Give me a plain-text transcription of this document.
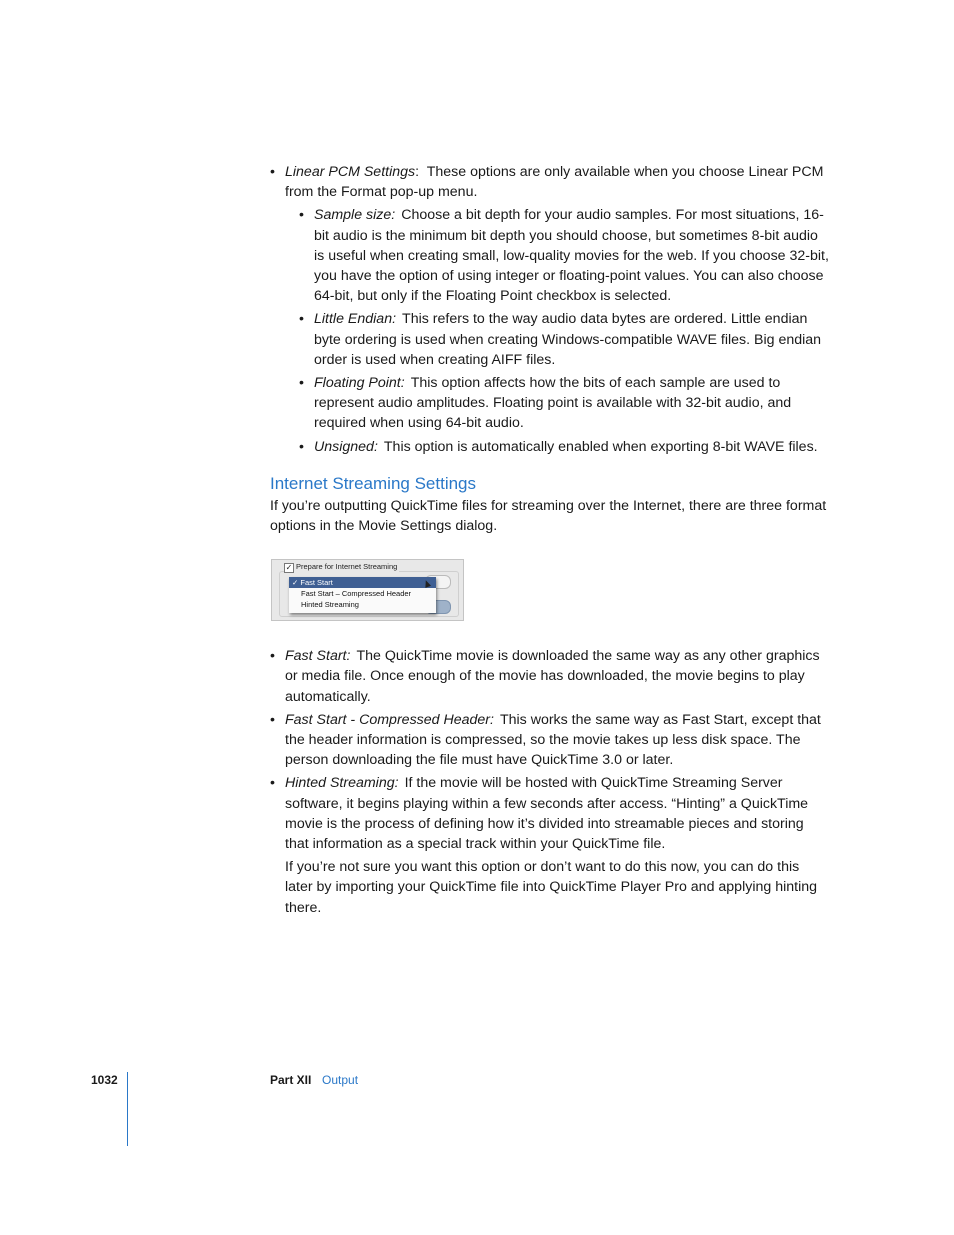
• Linear PCM Settings: These options are only available when you choose Linear PCM from the Format pop-up menu.
• Sample size: Choose a bit depth for your audio samples. For most situations, 16-bit audio is the minimum bit depth you should choose, but sometimes 8-bit audio is useful when creating small, low-quality movies for the web. If you choose 32-bit, you have the option of using integer or floating-point values. You can also choose 64-bit, but only if the Floating Point checkbox is selected.
• Little Endian: This refers to the way audio data bytes are ordered. Little endian byte ordering is used when creating Windows-compatible WAVE files. Big endian order is used when creating AIFF files.
• Floating Point: This option affects how the bits of each sample are used to represent audio amplitudes. Floating point is available with 32-bit audio, and required when using 64-bit audio.
• Unsigned: This option is automatically enabled when exporting 8-bit WAVE files.
Internet Streaming Settings

If you’re outputting QuickTime files for streaming over the Internet, there are three format options in the Movie Settings dialog.

✓ Prepare for Internet Streaming
✓ Fast Start
Fast Start – Compressed Header
Hinted Streaming
• Fast Start: The QuickTime movie is downloaded the same way as any other graphics or media file. Once enough of the movie has downloaded, the movie begins to play automatically.
• Fast Start - Compressed Header: This works the same way as Fast Start, except that the header information is compressed, so the movie takes up less disk space. The person downloading the file must have QuickTime 3.0 or later.
• Hinted Streaming: If the movie will be hosted with QuickTime Streaming Server software, it begins playing within a few seconds after access. “Hinting” a QuickTime movie is the process of defining how it’s divided into streamable pieces and storing that information as a special track within your QuickTime file.

If you’re not sure you want this option or don’t want to do this now, you can do this later by importing your QuickTime file into QuickTime Player Pro and applying hinting there.

1032	Part XII Output
